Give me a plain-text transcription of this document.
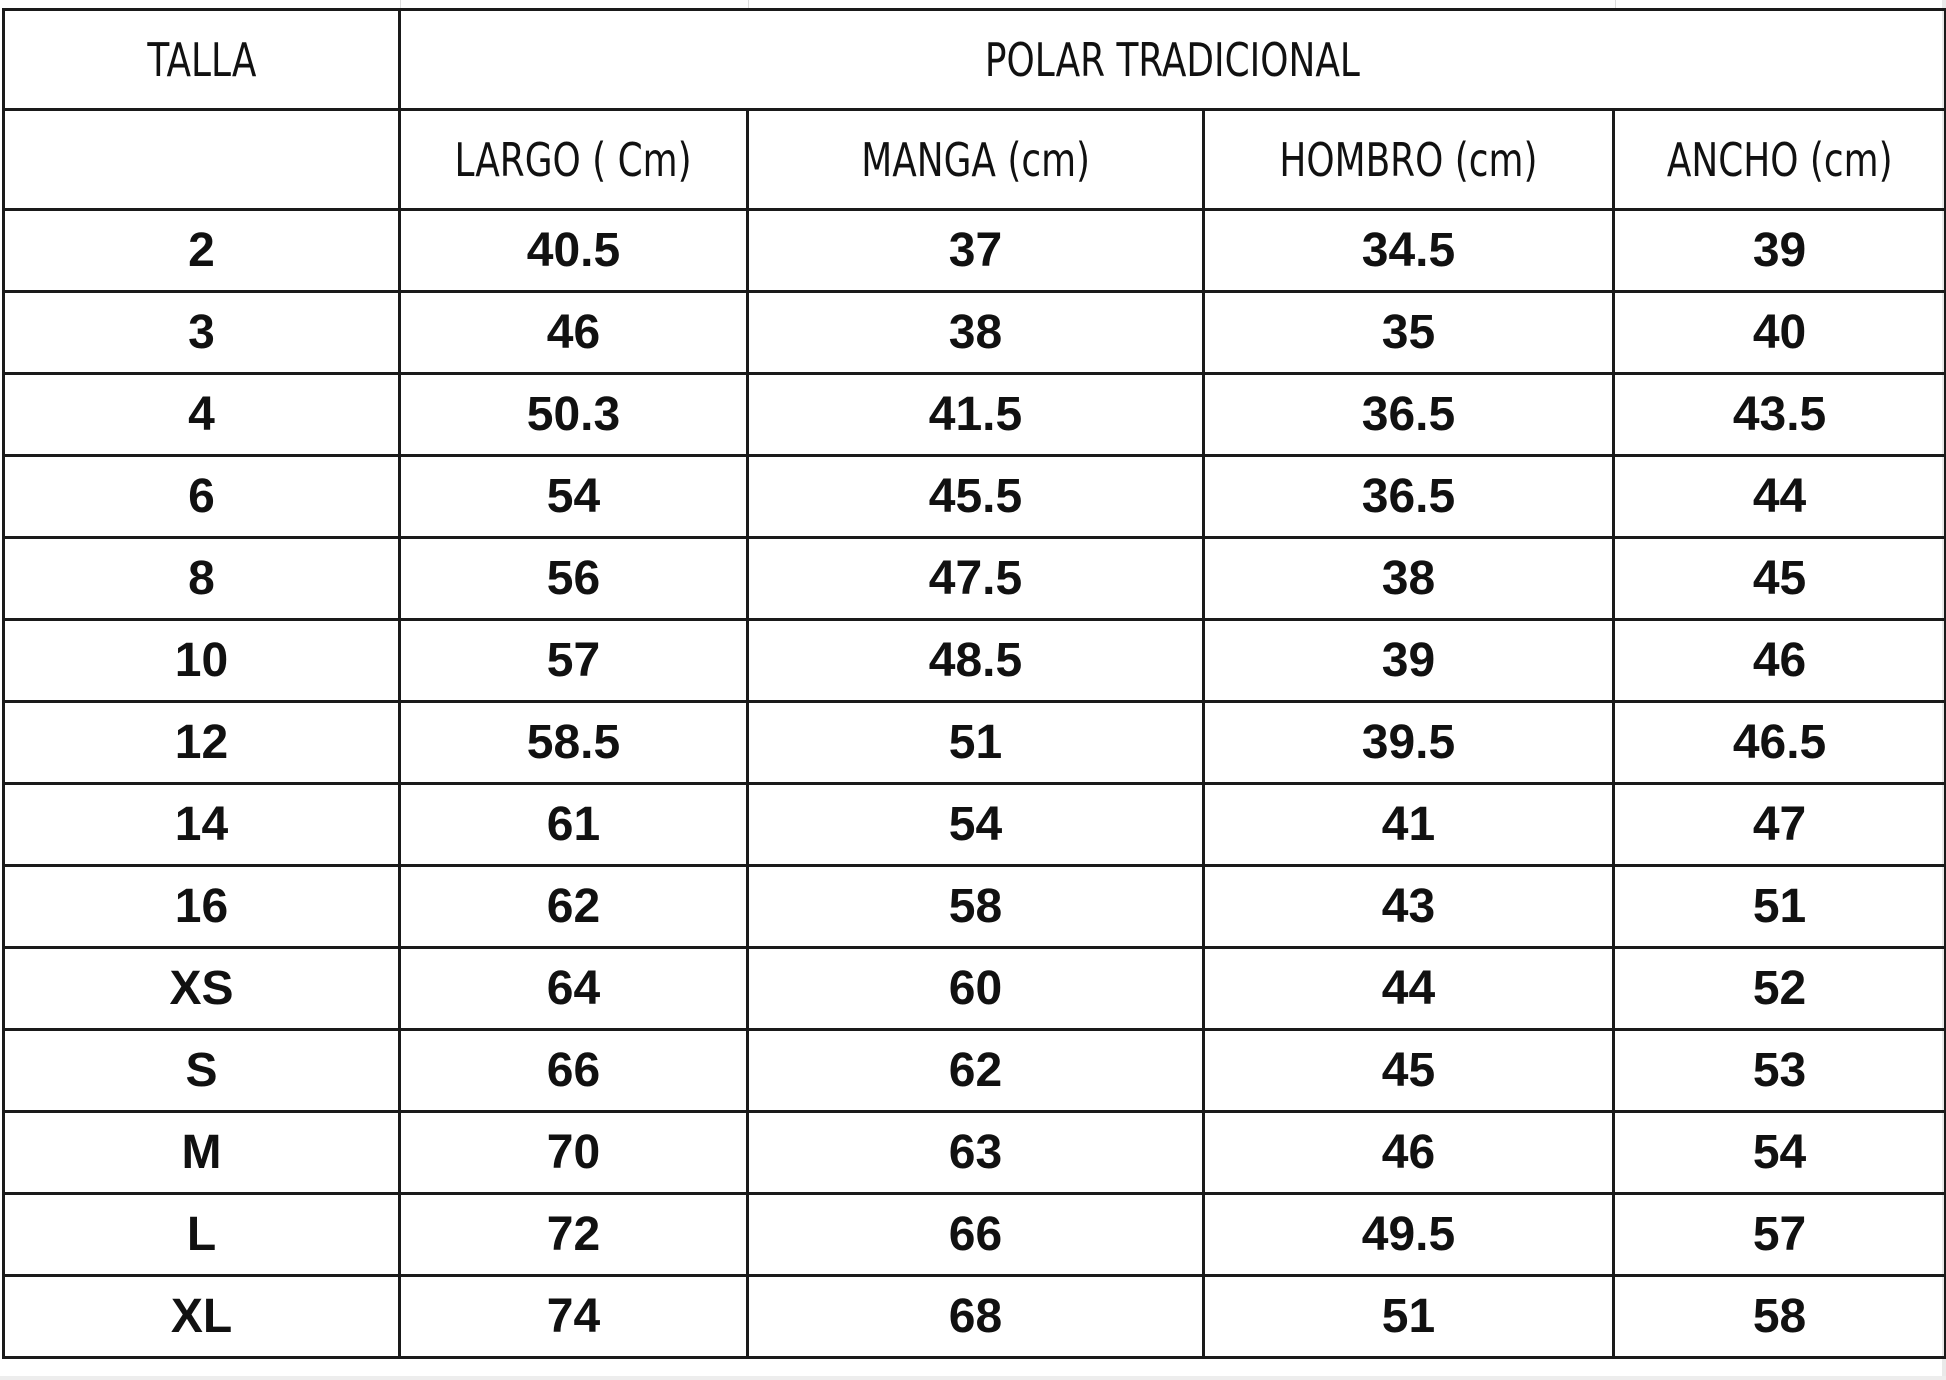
TALLA	POLAR TRADICIONAL			
	LARGO ( Cm)	MANGA (cm)	HOMBRO (cm)	ANCHO (cm)
2	40.5	37	34.5	39
3	46	38	35	40
4	50.3	41.5	36.5	43.5
6	54	45.5	36.5	44
8	56	47.5	38	45
10	57	48.5	39	46
12	58.5	51	39.5	46.5
14	61	54	41	47
16	62	58	43	51
XS	64	60	44	52
S	66	62	45	53
M	70	63	46	54
L	72	66	49.5	57
XL	74	68	51	58
